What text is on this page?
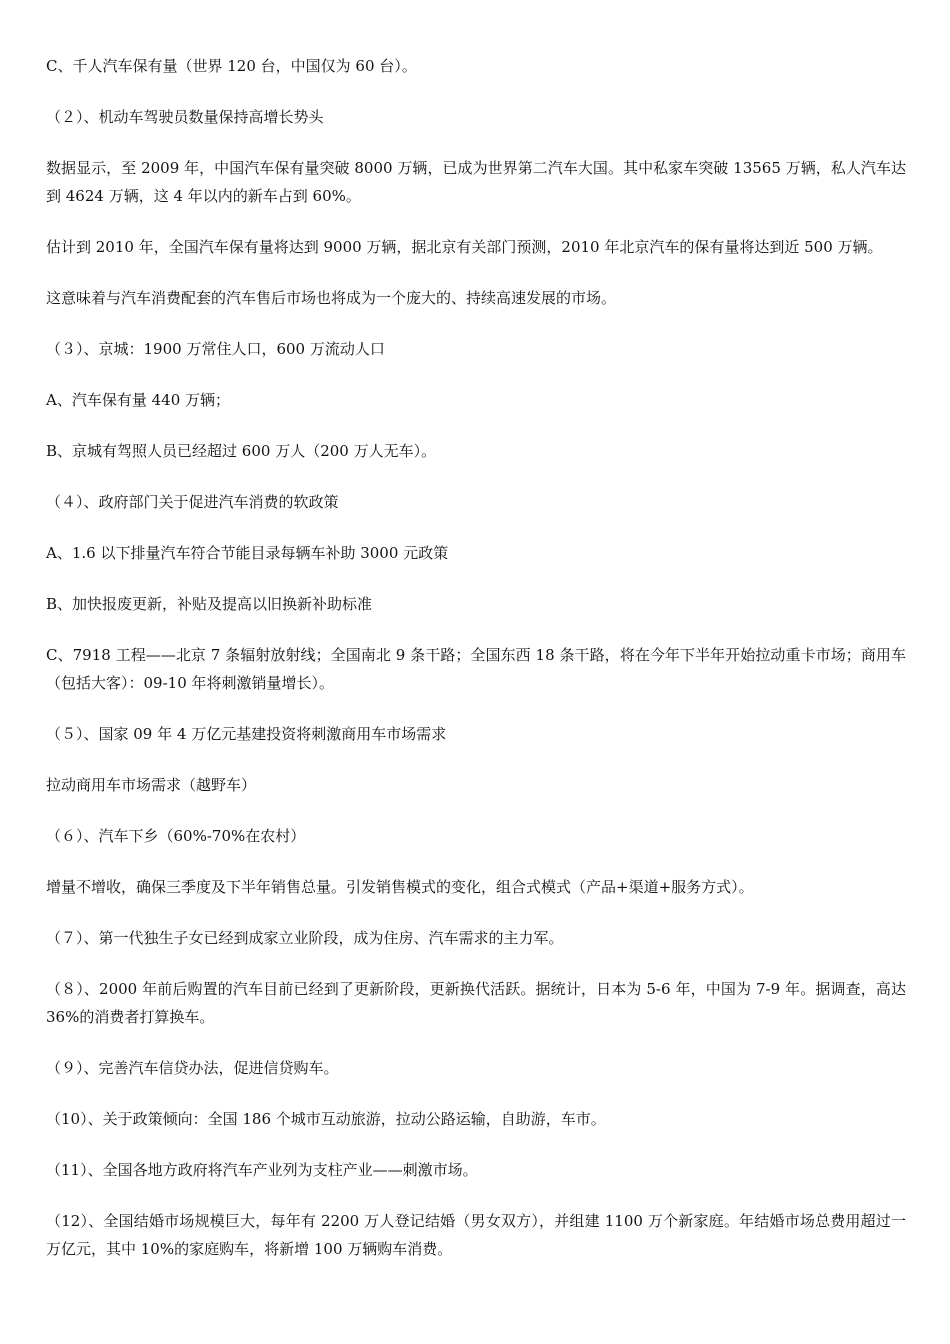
C、千人汽车保有量（世界 120 台，中国仅为 60 台）。

（２）、机动车驾驶员数量保持高增长势头

数据显示，至 2009 年，中国汽车保有量突破 8000 万辆，已成为世界第二汽车大国。其中私家车突破 13565 万辆，私人汽车达到 4624 万辆，这 4 年以内的新车占到 60%。

估计到 2010 年，全国汽车保有量将达到 9000 万辆，据北京有关部门预测，2010 年北京汽车的保有量将达到近 500 万辆。

这意味着与汽车消费配套的汽车售后市场也将成为一个庞大的、持续高速发展的市场。

（３）、京城：1900 万常住人口，600 万流动人口

A、汽车保有量 440 万辆；

B、京城有驾照人员已经超过 600 万人（200 万人无车）。

（４）、政府部门关于促进汽车消费的软政策

A、1.6 以下排量汽车符合节能目录每辆车补助 3000 元政策

B、加快报废更新，补贴及提高以旧换新补助标准

C、7918 工程——北京 7 条辐射放射线；全国南北 9 条干路；全国东西 18 条干路，将在今年下半年开始拉动重卡市场；商用车（包括大客）：09-10 年将刺激销量增长）。

（５）、国家 09 年 4 万亿元基建投资将刺激商用车市场需求

拉动商用车市场需求（越野车）

（６）、汽车下乡（60%-70%在农村）

增量不增收，确保三季度及下半年销售总量。引发销售模式的变化，组合式模式（产品+渠道+服务方式）。

（７）、第一代独生子女已经到成家立业阶段，成为住房、汽车需求的主力军。

（８）、2000 年前后购置的汽车目前已经到了更新阶段，更新换代活跃。据统计，日本为 5-6 年，中国为 7-9 年。据调查，高达 36%的消费者打算换车。

（９）、完善汽车信贷办法，促进信贷购车。

（10）、关于政策倾向：全国 186 个城市互动旅游，拉动公路运输，自助游，车市。

（11）、全国各地方政府将汽车产业列为支柱产业——刺激市场。

（12）、全国结婚市场规模巨大，每年有 2200 万人登记结婚（男女双方），并组建 1100 万个新家庭。年结婚市场总费用超过一万亿元，其中 10%的家庭购车，将新增 100 万辆购车消费。
